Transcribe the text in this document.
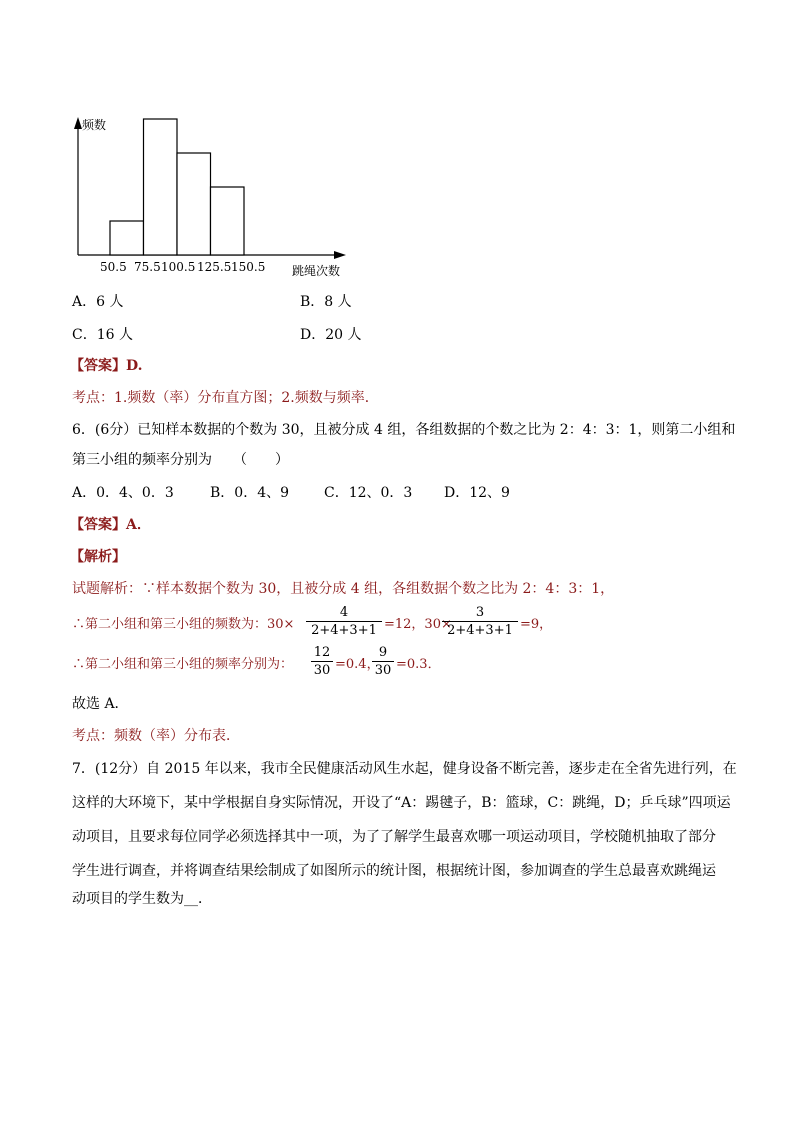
频数
跳绳次数
50.5 75.5 100.5 125.5 150.5
A．6 人	B．8 人
C．16 人	D．20 人
【答案】D.
考点：1.频数（率）分布直方图；2.频数与频率．
6．(6分）已知样本数据的个数为 30，且被分成 4 组，各组数据的个数之比为 2：4：3：1，则第二小组和
第三小组的频率分别为　　（　　）
A．0．4、0．3	B．0．4、9 C．12、0．3 D．12、9
【答案】A．
【解析】
试题解析：∵样本数据个数为 30，且被分成 4 组，各组数据个数之比为 2：4：3：1，
∴第二小组和第三小组的频数为：30×
4
2+4+3+1 =12，30×
3
2+4+3+1 =9，
∴第二小组和第三小组的频率分别为：
12
30 =0.4，
9
30 =0.3．
故选 A．
考点：频数（率）分布表．
7．(12分）自 2015 年以来，我市全民健康活动风生水起，健身设备不断完善，逐步走在全省先进行列，在
这样的大环境下，某中学根据自身实际情况，开设了“A：踢毽子，B：篮球，C：跳绳，D；乒乓球”四项运
动项目，且要求每位同学必须选择其中一项，为了了解学生最喜欢哪一项运动项目，学校随机抽取了部分
学生进行调查，并将调查结果绘制成了如图所示的统计图，根据统计图，参加调查的学生总最喜欢跳绳运
动项目的学生数为__．
